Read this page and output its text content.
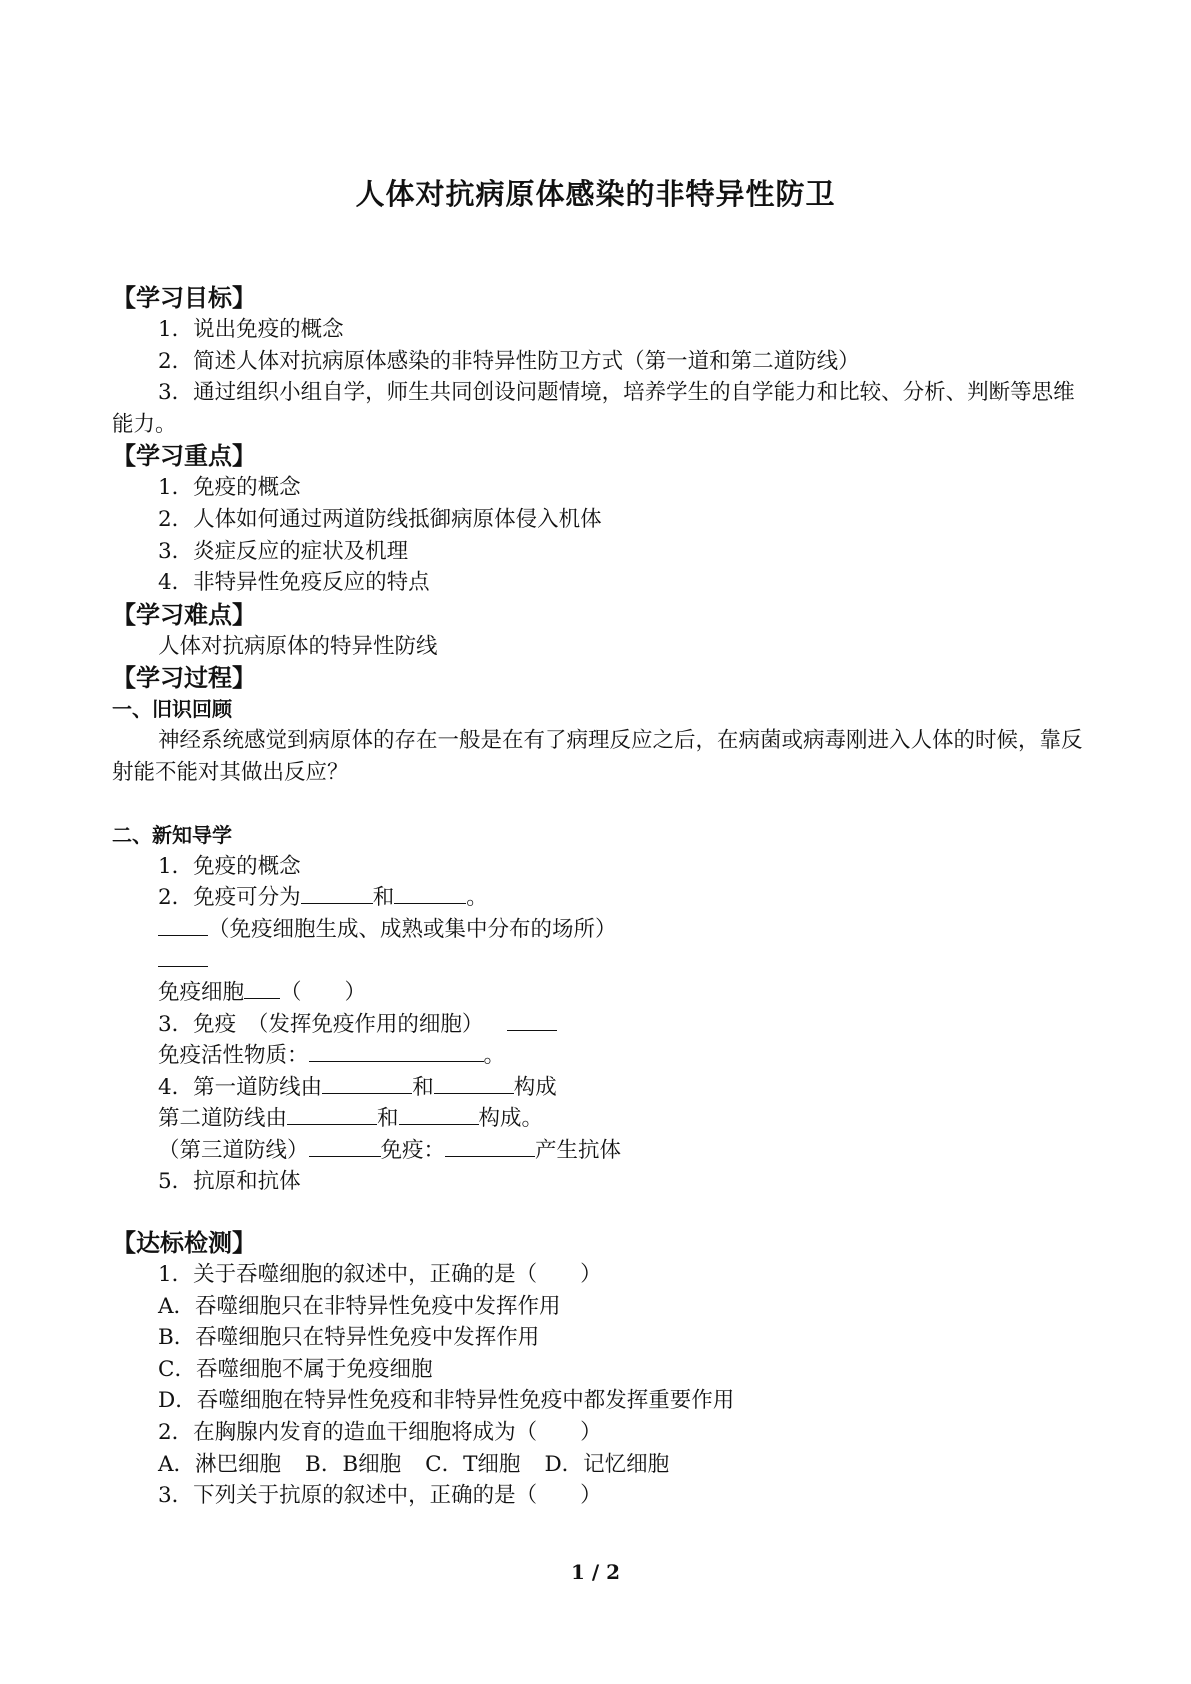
人体对抗病原体感染的非特异性防卫
【学习目标】
1．说出免疫的概念
2．简述人体对抗病原体感染的非特异性防卫方式（第一道和第二道防线）
3．通过组织小组自学，师生共同创设问题情境，培养学生的自学能力和比较、分析、判断等思维能力。
【学习重点】
1．免疫的概念
2．人体如何通过两道防线抵御病原体侵入机体
3．炎症反应的症状及机理
4．非特异性免疫反应的特点
【学习难点】
人体对抗病原体的特异性防线
【学习过程】
一、旧识回顾
神经系统感觉到病原体的存在一般是在有了病理反应之后，在病菌或病毒刚进入人体的时候，靠反射能不能对其做出反应？
二、新知导学
1．免疫的概念
2．免疫可分为	和	。
（免疫细胞生成、成熟或集中分布的场所）
免疫细胞 （　　）
3．免疫　（发挥免疫作用的细胞）
免疫活性物质：	。
4．第一道防线由	和	构成
第二道防线由	和	构成。
（第三道防线）	免疫：	产生抗体
5．抗原和抗体
【达标检测】
1．关于吞噬细胞的叙述中，正确的是（　　）
A．吞噬细胞只在非特异性免疫中发挥作用
B．吞噬细胞只在特异性免疫中发挥作用
C．吞噬细胞不属于免疫细胞
D．吞噬细胞在特异性免疫和非特异性免疫中都发挥重要作用
2．在胸腺内发育的造血干细胞将成为（　　）
A．淋巴细胞 B．B细胞 C．T细胞 D．记忆细胞
3．下列关于抗原的叙述中，正确的是（　　）
1 / 2
